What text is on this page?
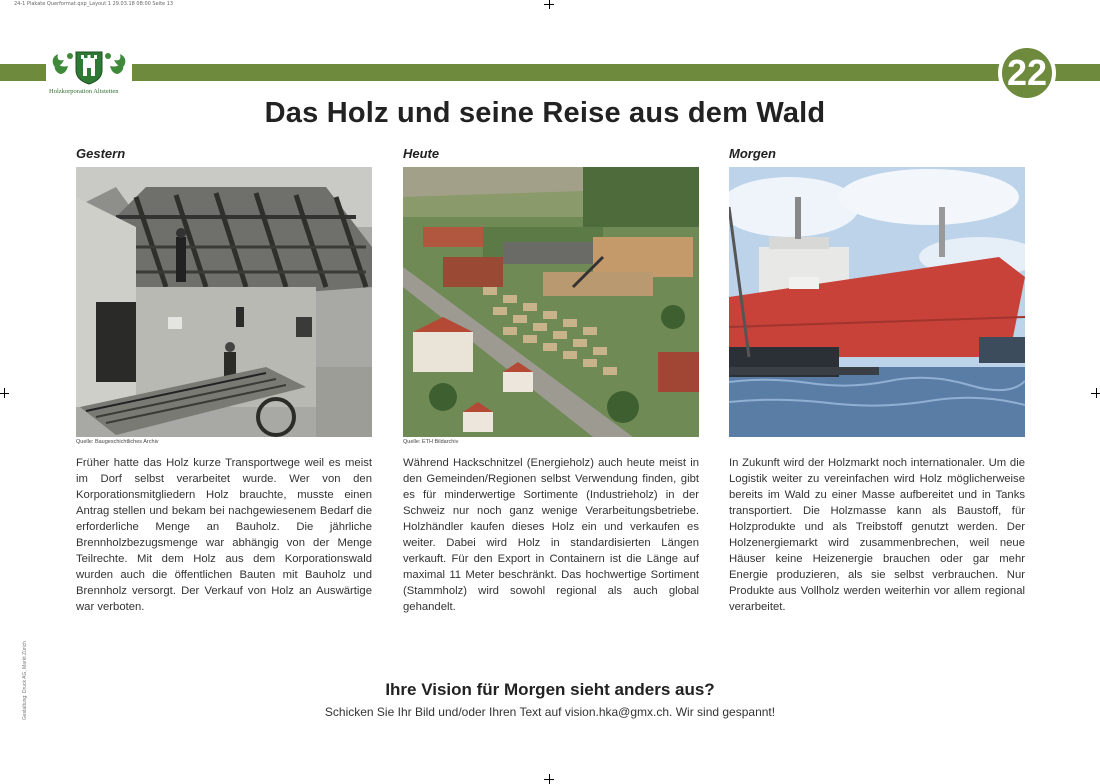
24-1 Plakate Querformat.qxp_Layout 1 29.03.18 08:00 Seite 13
Gestaltung: Druck AG, Markt Zürich
Holzkorporation Altstetten	22
Das Holz und seine Reise aus dem Wald
Gestern
Quelle: Baugeschichtliches Archiv
Früher hatte das Holz kurze Transportwege weil es meist im Dorf selbst verarbeitet wurde. Wer von den Korporationsmitgliedern Holz brauchte, musste einen Antrag stellen und bekam bei nachgewiesenem Bedarf die erforderliche Menge an Bauholz. Die jährliche Brennholzbezugsmenge war abhängig von der Menge Teilrechte. Mit dem Holz aus dem Korporationswald wurden auch die öffentlichen Bauten mit Bauholz und Brennholz versorgt. Der Verkauf von Holz an Auswärtige war verboten.
Heute
Quelle: ETH Bildarchiv
Während Hackschnitzel (Energieholz) auch heute meist in den Gemeinden/Regionen selbst Verwendung finden, gibt es für minderwertige Sortimente (Industrieholz) in der Schweiz nur noch ganz wenige Verarbeitungsbetriebe. Holzhändler kaufen dieses Holz ein und verkaufen es weiter. Dabei wird Holz in standardisierten Längen verkauft. Für den Export in Containern ist die Länge auf maximal 11 Meter beschränkt. Das hochwertige Sortiment (Stammholz) wird sowohl regional als auch global gehandelt.
Morgen
In Zukunft wird der Holzmarkt noch internationaler. Um die Logistik weiter zu vereinfachen wird Holz möglicherweise bereits im Wald zu einer Masse aufbereitet und in Tanks transportiert. Die Holzmasse kann als Baustoff, für Holzprodukte und als Treibstoff genutzt werden. Der Holzenergiemarkt wird zusammenbrechen, weil neue Häuser keine Heizenergie brauchen oder gar mehr Energie produzieren, als sie selbst verbrauchen. Nur Produkte aus Vollholz werden weiterhin vor allem regional verarbeitet.
Ihre Vision für Morgen sieht anders aus?
Schicken Sie Ihr Bild und/oder Ihren Text auf vision.hka@gmx.ch. Wir sind gespannt!
